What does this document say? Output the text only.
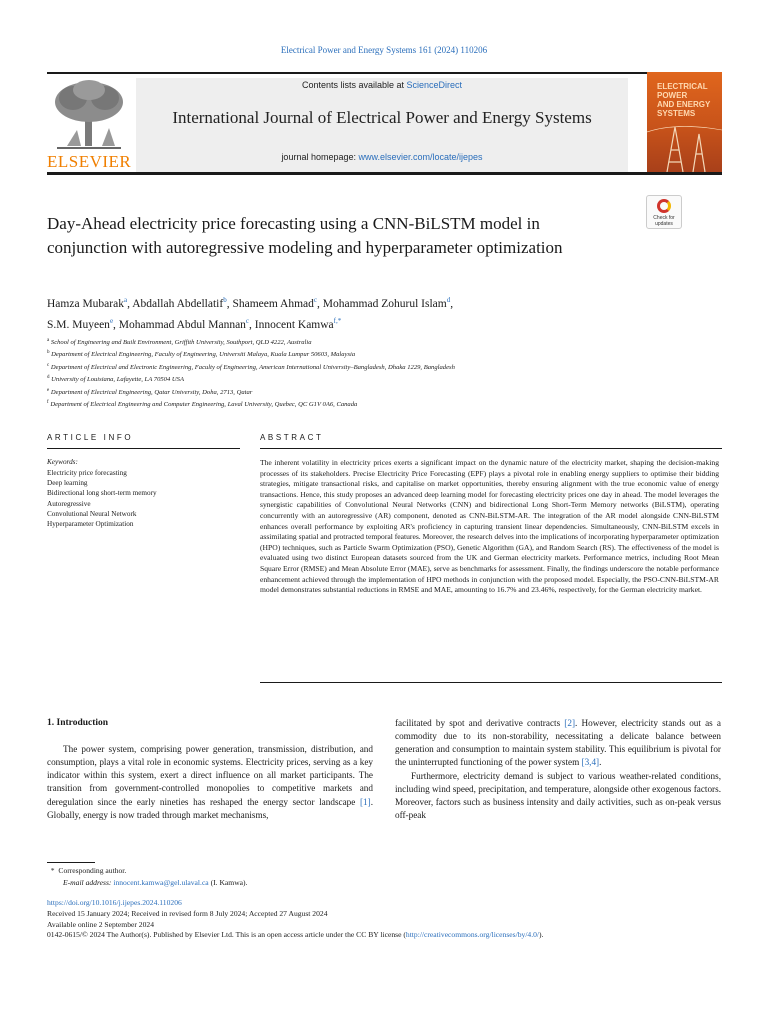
Electrical Power and Energy Systems 161 (2024) 110206
ELSEVIER
Contents lists available at ScienceDirect
International Journal of Electrical Power and Energy Systems
journal homepage: www.elsevier.com/locate/ijepes
ELECTRICAL
POWER
AND ENERGY
SYSTEMS
Check for
updates
Day-Ahead electricity price forecasting using a CNN-BiLSTM model in conjunction with autoregressive modeling and hyperparameter optimization
Hamza Mubarak$^a$, Abdallah Abdellatif$^b$, Shameem Ahmad$^c$, Mohammad Zohurul Islam$^d$,
S.M. Muyeen$^e$, Mohammad Abdul Mannan$^c$, Innocent Kamwa$^{f,*}$
$^a$ School of Engineering and Built Environment, Griffith University, Southport, QLD 4222, Australia
$^b$ Department of Electrical Engineering, Faculty of Engineering, Universiti Malaya, Kuala Lumpur 50603, Malaysia
$^c$ Department of Electrical and Electronic Engineering, Faculty of Engineering, American International University–Bangladesh, Dhaka 1229, Bangladesh
$^d$ University of Louisiana, Lafayette, LA 70504 USA
$^e$ Department of Electrical Engineering, Qatar University, Doha, 2713, Qatar
$^f$ Department of Electrical Engineering and Computer Engineering, Laval University, Quebec, QC G1V 0A6, Canada
ARTICLE INFO	ABSTRACT
Keywords:
Electricity price forecasting
Deep learning
Bidirectional long short-term memory
Autoregressive
Convolutional Neural Network
Hyperparameter Optimization

The inherent volatility in electricity prices exerts a significant impact on the dynamic nature of the electricity market, shaping the decision-making processes of its stakeholders. Precise Electricity Price Forecasting (EPF) plays a pivotal role in enabling energy suppliers to optimise their bidding strategies, mitigate transactional risks, and capitalise on market opportunities, thereby ensuring alignment with the true economic value of energy transactions. Hence, this study proposes an advanced deep learning model for forecasting electricity prices one day in ahead. The model leverages the synergistic capabilities of Convolutional Neural Networks (CNN) and bidirectional Long Short-Term Memory networks (BiLSTM), operating concurrently with an autoregressive (AR) component, denoted as CNN-BiLSTM-AR. The integration of the AR model alongside CNN-BiLSTM enhances overall performance by exploiting AR's proficiency in capturing transient linear dependencies. Simultaneously, CNN-BiLSTM excels in assimilating spatial and protracted temporal features. Moreover, the research delves into the implications of incorporating hyperparameter optimization (HPO) techniques, such as Particle Swarm Optimization (PSO), Genetic Algorithm (GA), and Random Search (RS). The effectiveness of the model is evaluated using two distinct European datasets sourced from the UK and German electricity markets. Performance metrics, including Root Mean Square Error (RMSE) and Mean Absolute Error (MAE), serve as benchmarks for assessment. Finally, the findings underscore the notable performance enhancement achieved through the implementation of HPO methods in conjunction with the proposed model. Especially, the PSO-CNN-BiLSTM-AR model demonstrates substantial reductions in RMSE and MAE, amounting to 16.7% and 23.46%, respectively, for the German electricity market.

1. Introduction

The power system, comprising power generation, transmission, distribution, and consumption, plays a vital role in economic systems. Electricity prices, serving as a key indicator within this system, exert a direct influence on all market participants. The transition from government-controlled monopolies to competitive markets and deregulation since the early nineties has reshaped the energy sector landscape [1]. Globally, energy is now traded through market mechanisms,

facilitated by spot and derivative contracts [2]. However, electricity stands out as a commodity due to its non-storability, necessitating a delicate balance between generation and consumption to maintain system stability. This equilibrium is pivotal for the uninterrupted functioning of the power system [3,4].

Furthermore, electricity demand is subject to various weather-related conditions, including wind speed, precipitation, and temperature, alongside other exogenous factors. Moreover, factors such as business intensity and daily activities, such as on-peak versus off-peak

*  Corresponding author.
E-mail address: innocent.kamwa@gel.ulaval.ca (I. Kamwa).
https://doi.org/10.1016/j.ijepes.2024.110206
Received 15 January 2024; Received in revised form 8 July 2024; Accepted 27 August 2024
Available online 2 September 2024
0142-0615/© 2024 The Author(s). Published by Elsevier Ltd. This is an open access article under the CC BY license (http://creativecommons.org/licenses/by/4.0/).
